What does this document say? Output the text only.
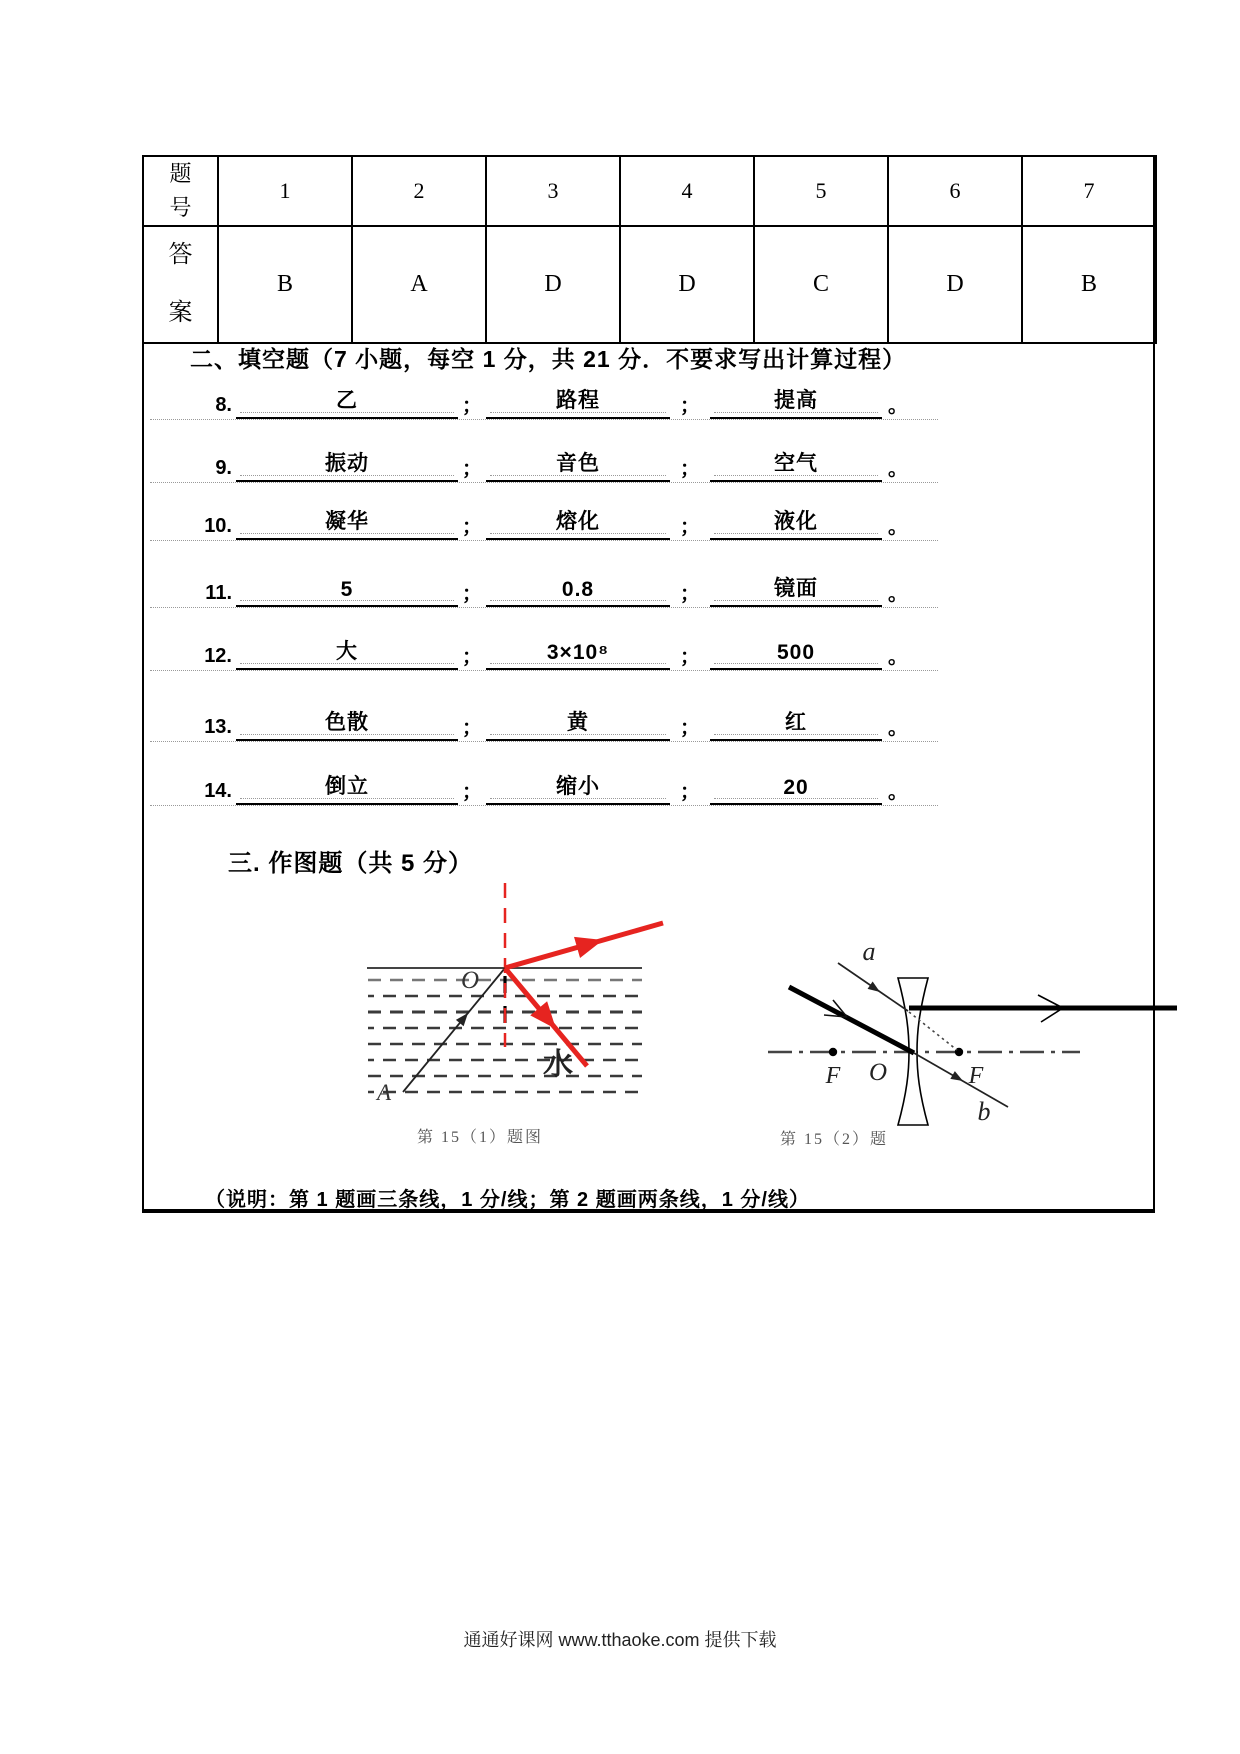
题号	1	2	3	4	5	6	7
答案	B	A	D	D	C	D	B
二、填空题（7 小题，每空 1 分，共 21 分．不要求写出计算过程）
8.	乙	；	路程	；	提高	。
9.	振动	；	音色	；	空气	。
10.	凝华	；	熔化	；	液化	。
11.	5	；	0.8	；	镜面	。
12.	大	；	3×10⁸	；	500	。
13.	色散	；	黄	；	红	。
14.	倒立	；	缩小	；	20	。
三. 作图题（共 5 分）
O
A
水
第 15（1）题图
a
F O	F
b
第 15（2）题
（说明：第 1 题画三条线，1 分/线；第 2 题画两条线，1 分/线）
通通好课网 www.tthaoke.com 提供下载
